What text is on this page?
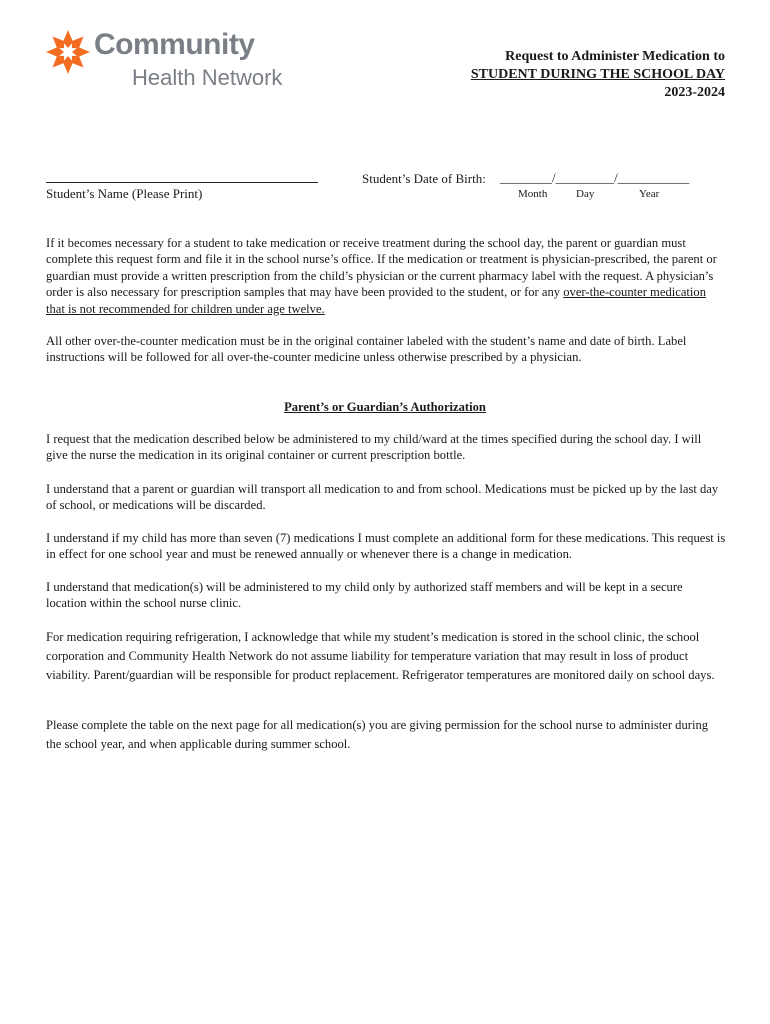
Community
Health Network
Request to Administer Medication to
STUDENT DURING THE SCHOOL DAY
2023-2024
Student’s Name (Please Print)
Student’s Date of Birth: ________/_________/___________
Month	Day	Year

If it becomes necessary for a student to take medication or receive treatment during the school day, the parent or guardian must complete this request form and file it in the school nurse’s office. If the medication or treatment is physician-prescribed, the parent or guardian must provide a written prescription from the child’s physician or the current pharmacy label with the request. A physician’s order is also necessary for prescription samples that may have been provided to the student, or for any over-the-counter medication that is not recommended for children under age twelve.

All other over-the-counter medication must be in the original container labeled with the student’s name and date of birth. Label instructions will be followed for all over-the-counter medicine unless otherwise prescribed by a physician.

Parent’s or Guardian’s Authorization

I request that the medication described below be administered to my child/ward at the times specified during the school day. I will give the nurse the medication in its original container or current prescription bottle.

I understand that a parent or guardian will transport all medication to and from school. Medications must be picked up by the last day of school, or medications will be discarded.

I understand if my child has more than seven (7) medications I must complete an additional form for these medications. This request is in effect for one school year and must be renewed annually or whenever there is a change in medication.

I understand that medication(s) will be administered to my child only by authorized staff members and will be kept in a secure location within the school nurse clinic.

For medication requiring refrigeration, I acknowledge that while my student’s medication is stored in the school clinic, the school corporation and Community Health Network do not assume liability for temperature variation that may result in loss of product viability. Parent/guardian will be responsible for product replacement. Refrigerator temperatures are monitored daily on school days.

Please complete the table on the next page for all medication(s) you are giving permission for the school nurse to administer during the school year, and when applicable during summer school.
